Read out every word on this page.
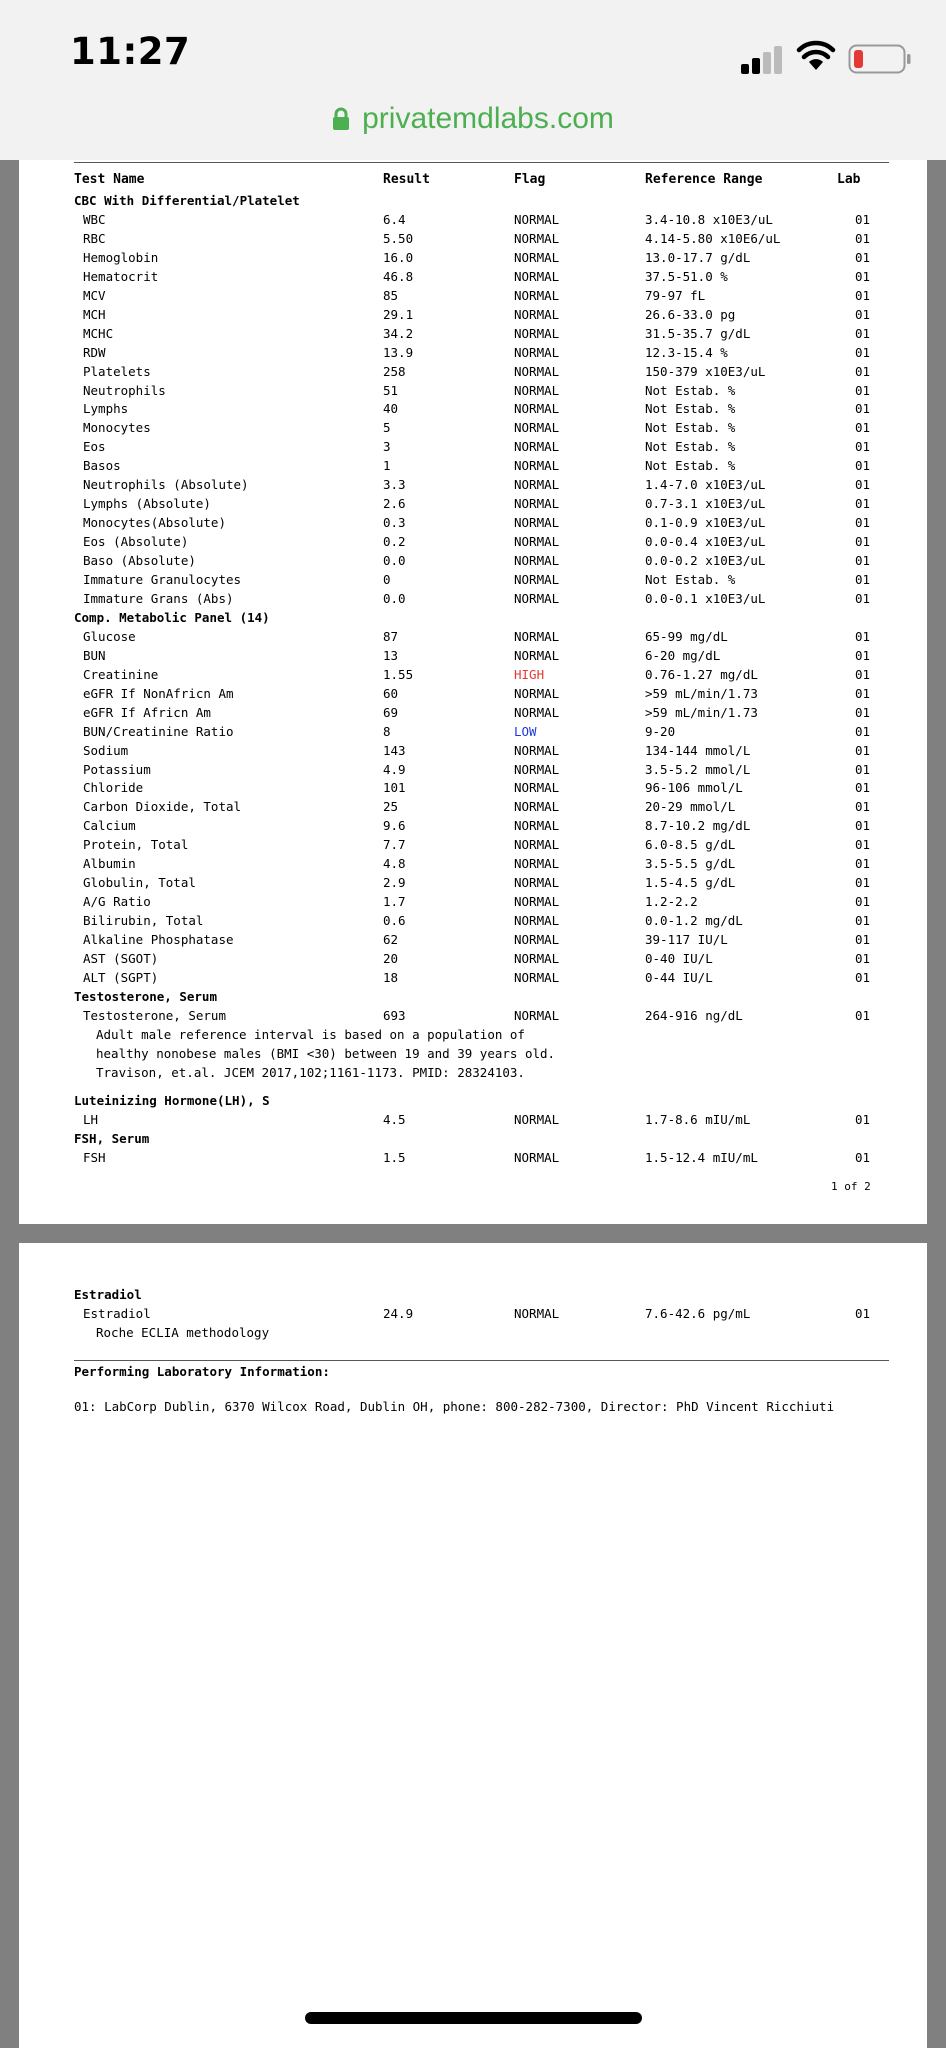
11:27
privatemdlabs.com
Test Name	Result	Flag	Reference Range	Lab
CBC With Differential/Platelet
WBC	6.4	NORMAL	3.4-10.8 x10E3/uL	01
RBC	5.50	NORMAL	4.14-5.80 x10E6/uL	01
Hemoglobin	16.0	NORMAL	13.0-17.7 g/dL	01
Hematocrit	46.8	NORMAL	37.5-51.0 %	01
MCV	85	NORMAL	79-97 fL	01
MCH	29.1	NORMAL	26.6-33.0 pg	01
MCHC	34.2	NORMAL	31.5-35.7 g/dL	01
RDW	13.9	NORMAL	12.3-15.4 %	01
Platelets	258	NORMAL	150-379 x10E3/uL	01
Neutrophils	51	NORMAL	Not Estab. %	01
Lymphs	40	NORMAL	Not Estab. %	01
Monocytes	5	NORMAL	Not Estab. %	01
Eos	3	NORMAL	Not Estab. %	01
Basos	1	NORMAL	Not Estab. %	01
Neutrophils (Absolute)	3.3	NORMAL	1.4-7.0 x10E3/uL	01
Lymphs (Absolute)	2.6	NORMAL	0.7-3.1 x10E3/uL	01
Monocytes(Absolute)	0.3	NORMAL	0.1-0.9 x10E3/uL	01
Eos (Absolute)	0.2	NORMAL	0.0-0.4 x10E3/uL	01
Baso (Absolute)	0.0	NORMAL	0.0-0.2 x10E3/uL	01
Immature Granulocytes	0	NORMAL	Not Estab. %	01
Immature Grans (Abs)	0.0	NORMAL	0.0-0.1 x10E3/uL	01
Comp. Metabolic Panel (14)
Glucose	87	NORMAL	65-99 mg/dL	01
BUN	13	NORMAL	6-20 mg/dL	01
Creatinine	1.55	HIGH	0.76-1.27 mg/dL	01
eGFR If NonAfricn Am	60	NORMAL	>59 mL/min/1.73	01
eGFR If Africn Am	69	NORMAL	>59 mL/min/1.73	01
BUN/Creatinine Ratio	8	LOW	9-20	01
Sodium	143	NORMAL	134-144 mmol/L	01
Potassium	4.9	NORMAL	3.5-5.2 mmol/L	01
Chloride	101	NORMAL	96-106 mmol/L	01
Carbon Dioxide, Total	25	NORMAL	20-29 mmol/L	01
Calcium	9.6	NORMAL	8.7-10.2 mg/dL	01
Protein, Total	7.7	NORMAL	6.0-8.5 g/dL	01
Albumin	4.8	NORMAL	3.5-5.5 g/dL	01
Globulin, Total	2.9	NORMAL	1.5-4.5 g/dL	01
A/G Ratio	1.7	NORMAL	1.2-2.2	01
Bilirubin, Total	0.6	NORMAL	0.0-1.2 mg/dL	01
Alkaline Phosphatase	62	NORMAL	39-117 IU/L	01
AST (SGOT)	20	NORMAL	0-40 IU/L	01
ALT (SGPT)	18	NORMAL	0-44 IU/L	01
Testosterone, Serum
Testosterone, Serum	693	NORMAL	264-916 ng/dL	01
Adult male reference interval is based on a population of
healthy nonobese males (BMI <30) between 19 and 39 years old.
Travison, et.al. JCEM 2017,102;1161-1173. PMID: 28324103.
Luteinizing Hormone(LH), S
LH	4.5	NORMAL	1.7-8.6 mIU/mL	01
FSH, Serum
FSH	1.5	NORMAL	1.5-12.4 mIU/mL	01
1 of 2
Estradiol
Estradiol	24.9	NORMAL	7.6-42.6 pg/mL	01
Roche ECLIA methodology
Performing Laboratory Information:
01: LabCorp Dublin, 6370 Wilcox Road, Dublin OH, phone: 800-282-7300, Director: PhD Vincent Ricchiuti
